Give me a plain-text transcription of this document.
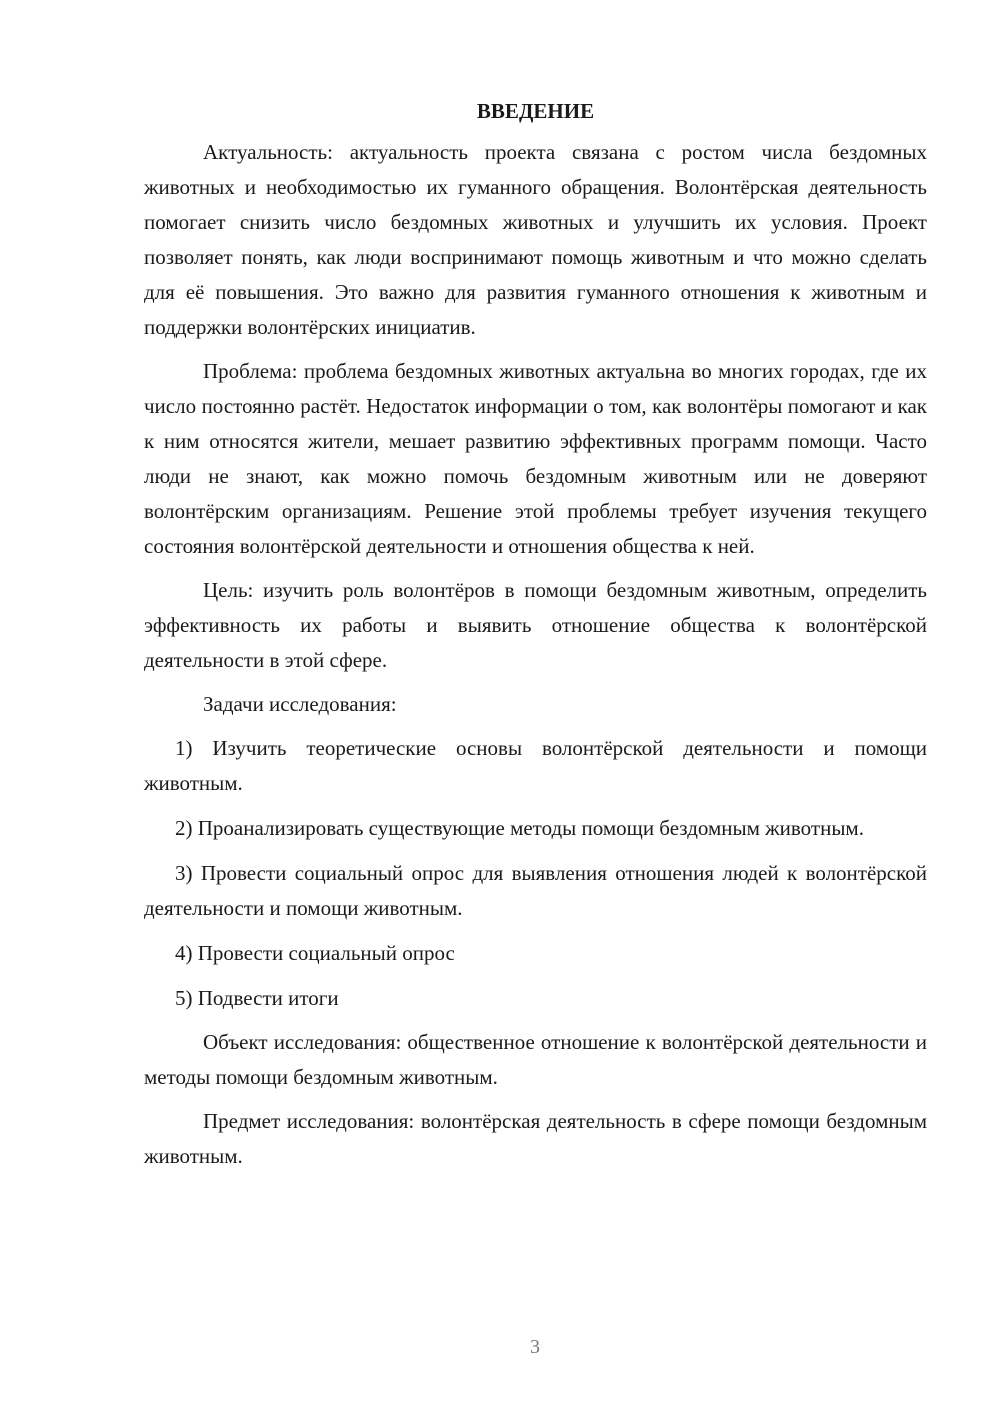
ВВЕДЕНИЕ

Актуальность: актуальность проекта связана с ростом числа бездомных животных и необходимостью их гуманного обращения. Волонтёрская деятельность помогает снизить число бездомных животных и улучшить их условия. Проект позволяет понять, как люди воспринимают помощь животным и что можно сделать для её повышения. Это важно для развития гуманного отношения к животным и поддержки волонтёрских инициатив.

Проблема: проблема бездомных животных актуальна во многих городах, где их число постоянно растёт. Недостаток информации о том, как волонтёры помогают и как к ним относятся жители, мешает развитию эффективных программ помощи. Часто люди не знают, как можно помочь бездомным животным или не доверяют волонтёрским организациям. Решение этой проблемы требует изучения текущего состояния волонтёрской деятельности и отношения общества к ней.

Цель: изучить роль волонтёров в помощи бездомным животным, определить эффективность их работы и выявить отношение общества к волонтёрской деятельности в этой сфере.

Задачи исследования:

1) Изучить теоретические основы волонтёрской деятельности и помощи животным.

2) Проанализировать существующие методы помощи бездомным животным.

3) Провести социальный опрос для выявления отношения людей к волонтёрской деятельности и помощи животным.

4) Провести социальный опрос

5) Подвести итоги

Объект исследования: общественное отношение к волонтёрской деятельности и методы помощи бездомным животным.

Предмет исследования: волонтёрская деятельность в сфере помощи бездомным животным.

3
